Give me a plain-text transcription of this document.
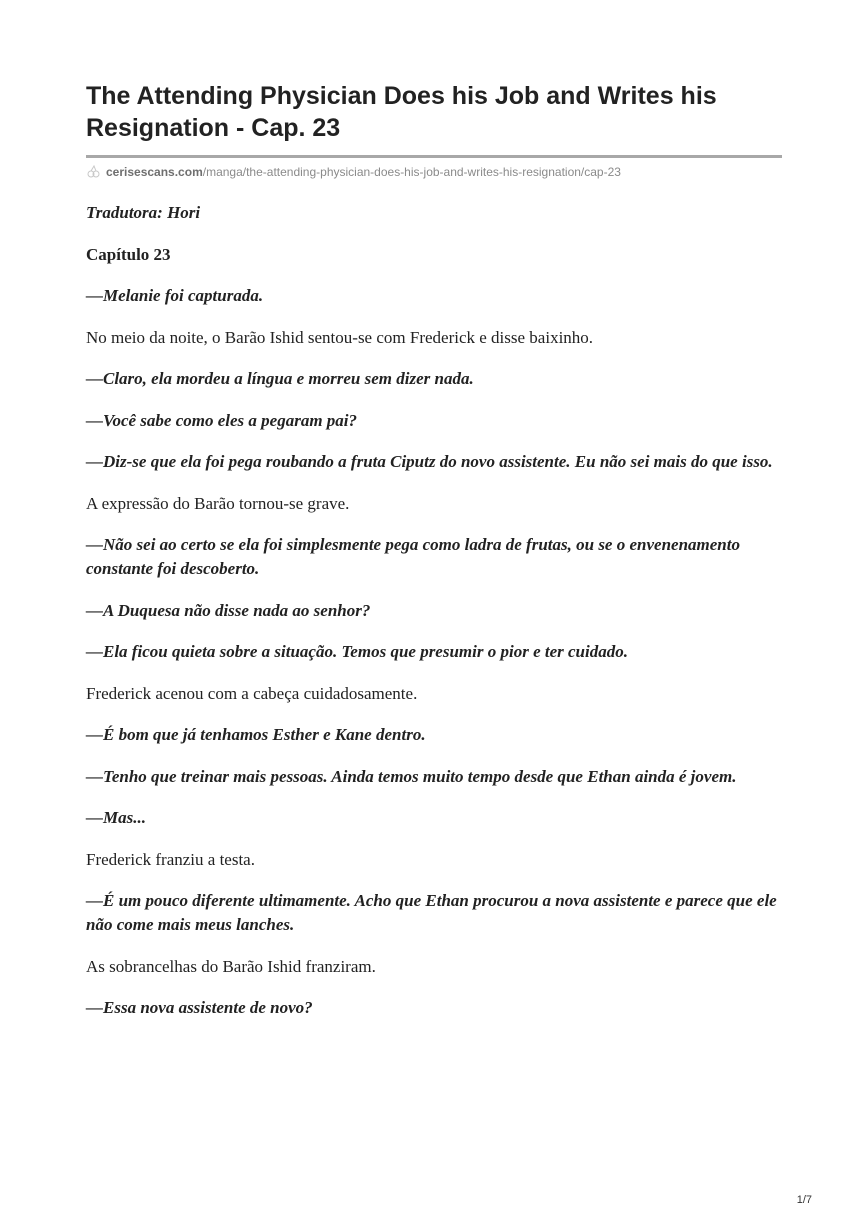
The Attending Physician Does his Job and Writes his Resignation - Cap. 23
cerisescans.com /manga/the-attending-physician-does-his-job-and-writes-his-resignation/cap-23

Tradutora: Hori

Capítulo 23

—Melanie foi capturada.

No meio da noite, o Barão Ishid sentou-se com Frederick e disse baixinho.

—Claro, ela mordeu a língua e morreu sem dizer nada.

—Você sabe como eles a pegaram pai?

—Diz-se que ela foi pega roubando a fruta Ciputz do novo assistente. Eu não sei mais do que isso.

A expressão do Barão tornou-se grave.

—Não sei ao certo se ela foi simplesmente pega como ladra de frutas, ou se o envenenamento constante foi descoberto.

—A Duquesa não disse nada ao senhor?

—Ela ficou quieta sobre a situação. Temos que presumir o pior e ter cuidado.

Frederick acenou com a cabeça cuidadosamente.

—É bom que já tenhamos Esther e Kane dentro.

—Tenho que treinar mais pessoas. Ainda temos muito tempo desde que Ethan ainda é jovem.

—Mas...

Frederick franziu a testa.

—É um pouco diferente ultimamente. Acho que Ethan procurou a nova assistente e parece que ele não come mais meus lanches.

As sobrancelhas do Barão Ishid franziram.

—Essa nova assistente de novo?

1/7
